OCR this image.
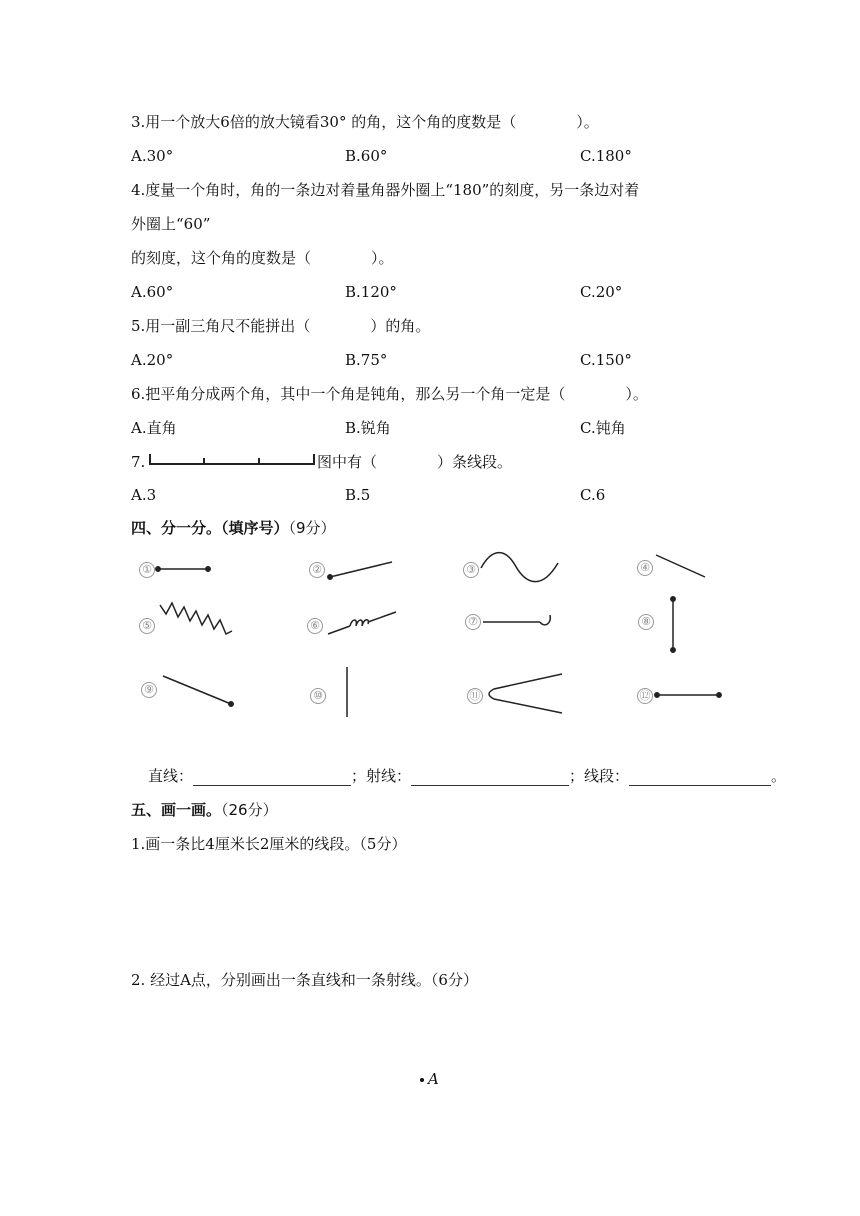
3.用一个放大6倍的放大镜看30° 的角，这个角的度数是（　　　　）。
A.30°	B.60°	C.180°
4.度量一个角时，角的一条边对着量角器外圈上“180”的刻度，另一条边对着
外圈上“60”
的刻度，这个角的度数是（　　　　）。
A.60°	B.120°	C.20°
5.用一副三角尺不能拼出（　　　　）的角。
A.20°	B.75°	C.150°
6.把平角分成两个角，其中一个角是钝角，那么另一个角一定是（　　　　）。
A.直角	B.锐角	C.钝角
7.	图中有（　　　　）条线段。
A.3	B.5	C.6
四、分一分。（填序号）（9分）
①	②	③	④
⑤	⑥	⑦	⑧
⑨	⑩	⑪	⑫
直线：	；射线：	；线段：	。
五、画一画。（26分）
1.画一条比4厘米长2厘米的线段。（5分）
2. 经过A点，分别画出一条直线和一条射线。（6分）
A
